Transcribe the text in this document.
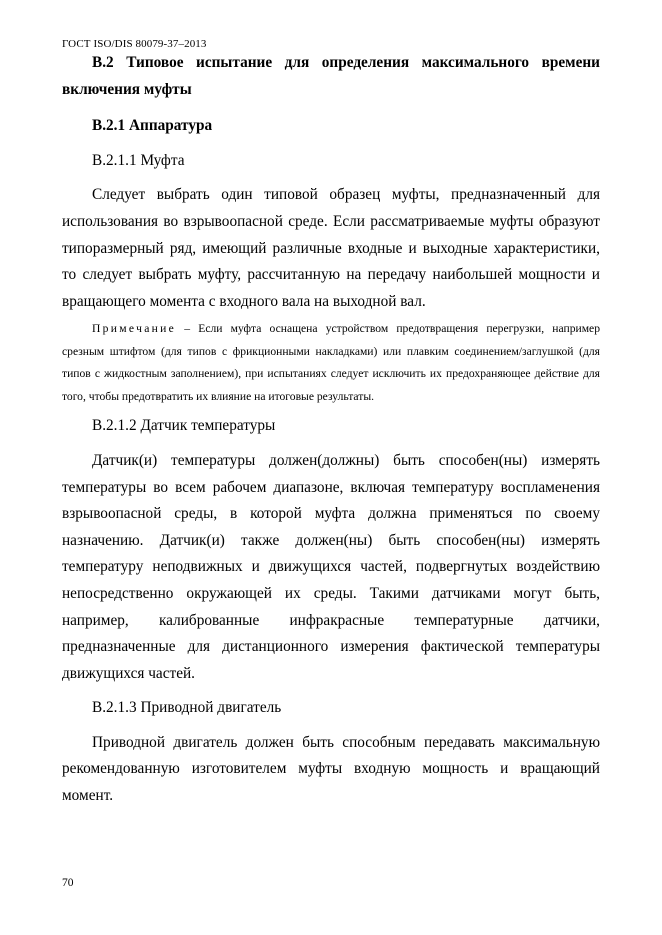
ГОСТ ISO/DIS 80079-37–2013

В.2 Типовое испытание для определения максимального времени включения муфты

В.2.1 Аппаратура

В.2.1.1 Муфта

Следует выбрать один типовой образец муфты, предназначенный для использования во взрывоопасной среде. Если рассматриваемые муфты образуют типоразмерный ряд, имеющий различные входные и выходные характеристики, то следует выбрать муфту, рассчитанную на передачу наибольшей мощности и вращающего момента с входного вала на выходной вал.

Примечание – Если муфта оснащена устройством предотвращения перегрузки, например срезным штифтом (для типов с фрикционными накладками) или плавким соединением/заглушкой (для типов с жидкостным заполнением), при испытаниях следует исключить их предохраняющее действие для того, чтобы предотвратить их влияние на итоговые результаты.

В.2.1.2 Датчик температуры

Датчик(и) температуры должен(должны) быть способен(ны) измерять температуры во всем рабочем диапазоне, включая температуру воспламенения взрывоопасной среды, в которой муфта должна применяться по своему назначению. Датчик(и) также должен(ны) быть способен(ны) измерять температуру неподвижных и движущихся частей, подвергнутых воздействию непосредственно окружающей их среды. Такими датчиками могут быть, например, калиброванные инфракрасные температурные датчики, предназначенные для дистанционного измерения фактической температуры движущихся частей.

В.2.1.3 Приводной двигатель

Приводной двигатель должен быть способным передавать максимальную рекомендованную изготовителем муфты входную мощность и вращающий момент.

70
